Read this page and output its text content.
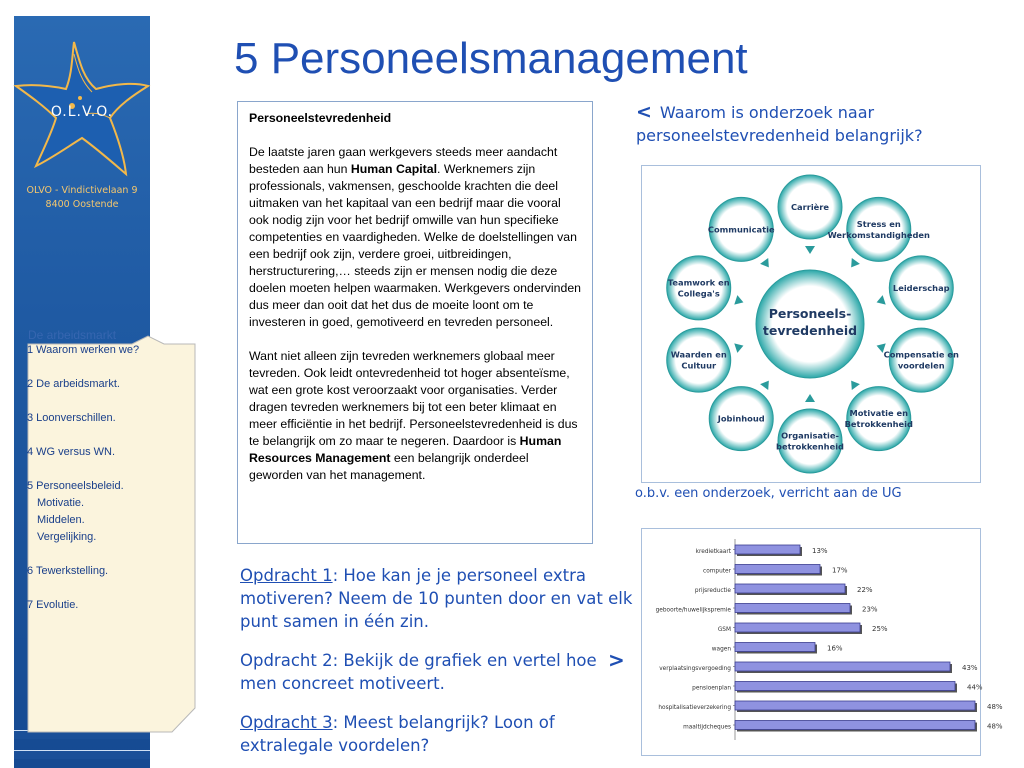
O.L.V.O.
OLVO - Vindictivelaan 9
8400 Oostende
De arbeidsmarkt
1 Waarom werken we?
2 De arbeidsmarkt.
3 Loonverschillen.
4 WG versus WN.
5 Personeelsbeleid.
Motivatie.
Middelen.
Vergelijking.
6 Tewerkstelling.
7 Evolutie.
5 Personeelsmanagement

Personeelstevredenheid

De laatste jaren gaan werkgevers steeds meer aandacht besteden aan hun Human Capital. Werknemers zijn professionals, vakmensen, geschoolde krachten die deel uitmaken van het kapitaal van een bedrijf maar die vooral ook nodig zijn voor het bedrijf omwille van hun specifieke competenties en vaardigheden. Welke de doelstellingen van een bedrijf ook zijn, verdere groei, uitbreidingen, herstructurering,… steeds zijn er mensen nodig die deze doelen moeten helpen waarmaken. Werkgevers ondervinden dus meer dan ooit dat het dus de moeite loont om te investeren in goed, gemotiveerd en tevreden personeel.

Want niet alleen zijn tevreden werknemers globaal meer tevreden. Ook leidt ontevredenheid tot hoger absenteïsme, wat een grote kost veroorzaakt voor organisaties. Verder dragen tevreden werknemers bij tot een beter klimaat en meer efficiëntie in het bedrijf. Personeelstevredenheid is dus te belangrijk om zo maar te negeren. Daardoor is Human Resources Management een belangrijk onderdeel geworden van het management.

< Waarom is onderzoek naar personeelstevredenheid belangrijk?
Personeels-
tevredenheid
Carrière
Stress en
Werkomstandigheden
Leiderschap
Compensatie en
voordelen
Motivatie en
Betrokkenheid
Organisatie-
betrokkenheid
Jobinhoud
Waarden en
Cultuur
Teamwork en
Collega's
Communicatie
o.b.v. een onderzoek, verricht aan de UG
kredietkaart	13%
computer	17%
prijsreductie	22%
geboorte/huwelijkspremie	23%
GSM	25%
wagen	16%
verplaatsingsvergoeding	43%
pensioenplan	44%
hospitalisatieverzekering	48%
maaltijdcheques	48%
Opdracht 1: Hoe kan je je personeel extra motiveren? Neem de 10 punten door en vat elk punt samen in één zin.
Opdracht 2: Bekijk de grafiek en vertel hoe men concreet motiveert.
>
Opdracht 3: Meest belangrijk? Loon of extralegale voordelen?
